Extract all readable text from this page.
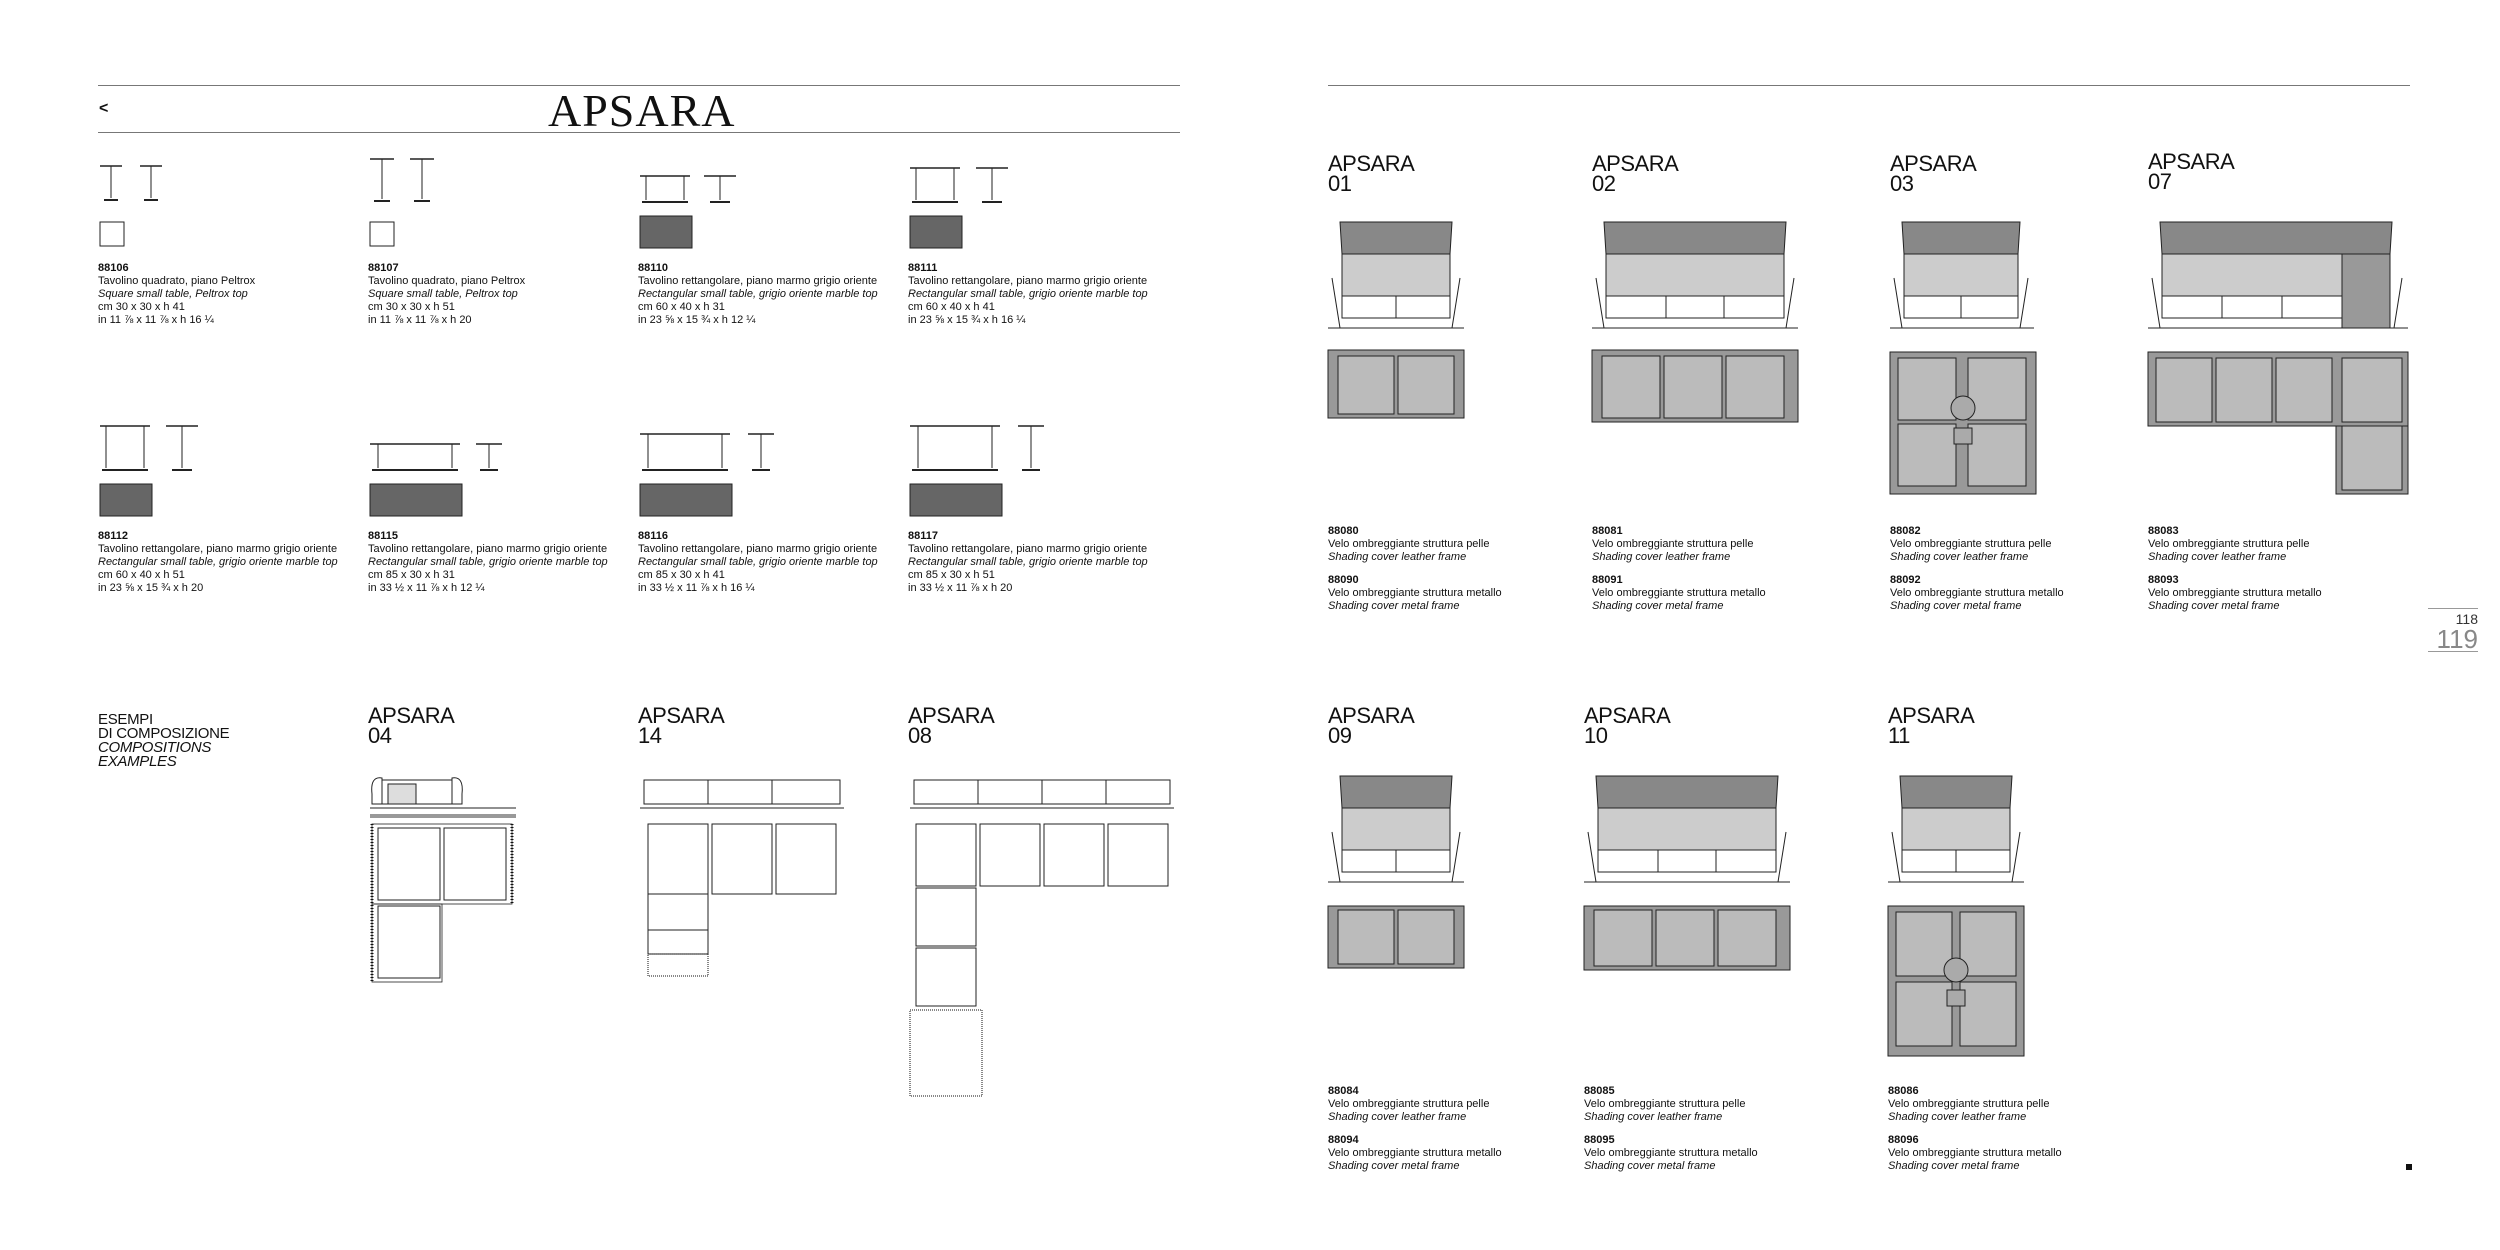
<	APSARA
88106
Tavolino quadrato, piano Peltrox
Square small table, Peltrox top
cm 30 x 30 x h 41
in 11 ⅞ x 11 ⅞ x h 16 ¼
88107
Tavolino quadrato, piano Peltrox
Square small table, Peltrox top
cm 30 x 30 x h 51
in 11 ⅞ x 11 ⅞ x h 20
88110
Tavolino rettangolare, piano marmo grigio oriente
Rectangular small table, grigio oriente marble top
cm 60 x 40 x h 31
in 23 ⅝ x 15 ¾ x h 12 ¼
88111
Tavolino rettangolare, piano marmo grigio oriente
Rectangular small table, grigio oriente marble top
cm 60 x 40 x h 41
in 23 ⅝ x 15 ¾ x h 16 ¼
88112
Tavolino rettangolare, piano marmo grigio oriente
Rectangular small table, grigio oriente marble top
cm 60 x 40 x h 51
in 23 ⅝ x 15 ¾ x h 20
88115
Tavolino rettangolare, piano marmo grigio oriente
Rectangular small table, grigio oriente marble top
cm 85 x 30 x h 31
in 33 ½ x 11 ⅞ x h 12 ¼
88116
Tavolino rettangolare, piano marmo grigio oriente
Rectangular small table, grigio oriente marble top
cm 85 x 30 x h 41
in 33 ½ x 11 ⅞ x h 16 ¼
88117
Tavolino rettangolare, piano marmo grigio oriente
Rectangular small table, grigio oriente marble top
cm 85 x 30 x h 51
in 33 ½ x 11 ⅞ x h 20
ESEMPI
DI COMPOSIZIONE
COMPOSITIONS
EXAMPLES
APSARA
04
APSARA
14
APSARA
08
APSARA
01
88080
Velo ombreggiante struttura pelle
Shading cover leather frame
88090
Velo ombreggiante struttura metallo
Shading cover metal frame
APSARA
02
88081
Velo ombreggiante struttura pelle
Shading cover leather frame
88091
Velo ombreggiante struttura metallo
Shading cover metal frame
APSARA
03
88082
Velo ombreggiante struttura pelle
Shading cover leather frame
88092
Velo ombreggiante struttura metallo
Shading cover metal frame
APSARA
07
88083
Velo ombreggiante struttura pelle
Shading cover leather frame
88093
Velo ombreggiante struttura metallo
Shading cover metal frame
APSARA
09
88084
Velo ombreggiante struttura pelle
Shading cover leather frame
88094
Velo ombreggiante struttura metallo
Shading cover metal frame
APSARA
10
88085
Velo ombreggiante struttura pelle
Shading cover leather frame
88095
Velo ombreggiante struttura metallo
Shading cover metal frame
APSARA
11
88086
Velo ombreggiante struttura pelle
Shading cover leather frame
88096
Velo ombreggiante struttura metallo
Shading cover metal frame
118
119
